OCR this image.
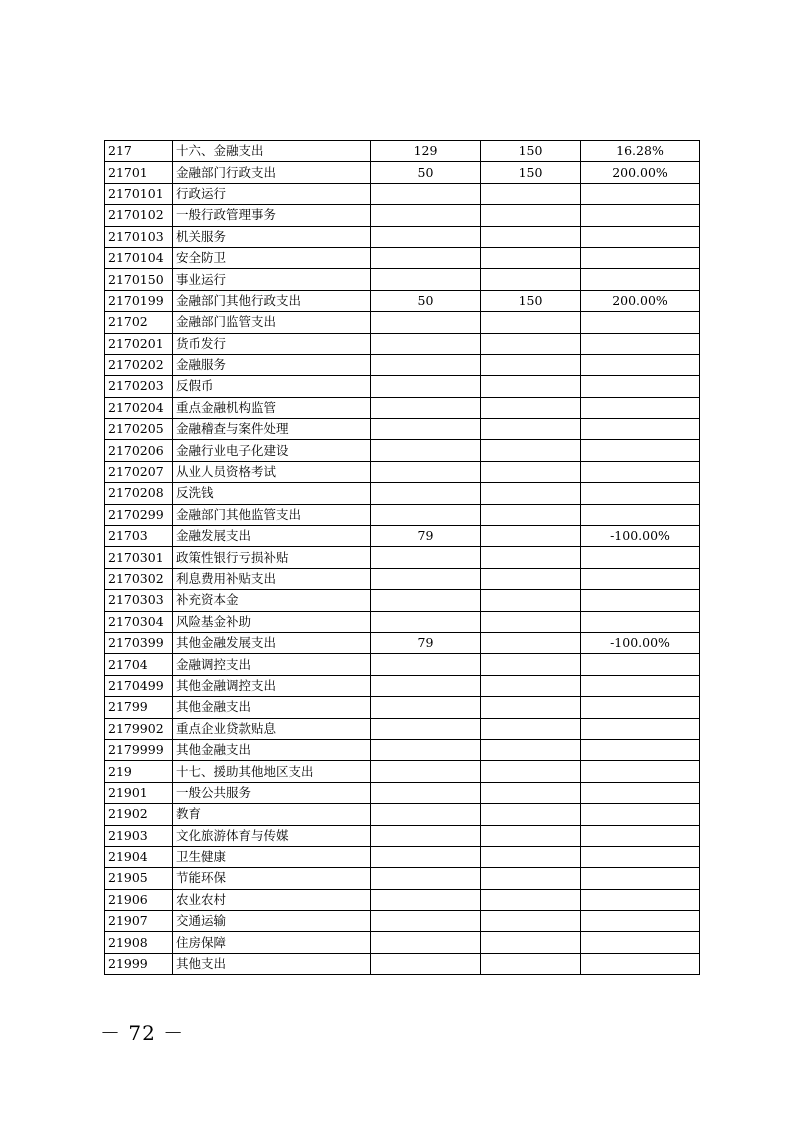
217	十六、金融支出	129	150	16.28%
21701	金融部门行政支出	50	150	200.00%
2170101	行政运行			
2170102	一般行政管理事务			
2170103	机关服务			
2170104	安全防卫			
2170150	事业运行			
2170199	金融部门其他行政支出	50	150	200.00%
21702	金融部门监管支出			
2170201	货币发行			
2170202	金融服务			
2170203	反假币			
2170204	重点金融机构监管			
2170205	金融稽查与案件处理			
2170206	金融行业电子化建设			
2170207	从业人员资格考试			
2170208	反洗钱			
2170299	金融部门其他监管支出			
21703	金融发展支出	79		-100.00%
2170301	政策性银行亏损补贴			
2170302	利息费用补贴支出			
2170303	补充资本金			
2170304	风险基金补助			
2170399	其他金融发展支出	79		-100.00%
21704	金融调控支出			
2170499	其他金融调控支出			
21799	其他金融支出			
2179902	重点企业贷款贴息			
2179999	其他金融支出			
219	十七、援助其他地区支出			
21901	一般公共服务			
21902	教育			
21903	文化旅游体育与传媒			
21904	卫生健康			
21905	节能环保			
21906	农业农村			
21907	交通运输			
21908	住房保障			
21999	其他支出			
－ 72 －
